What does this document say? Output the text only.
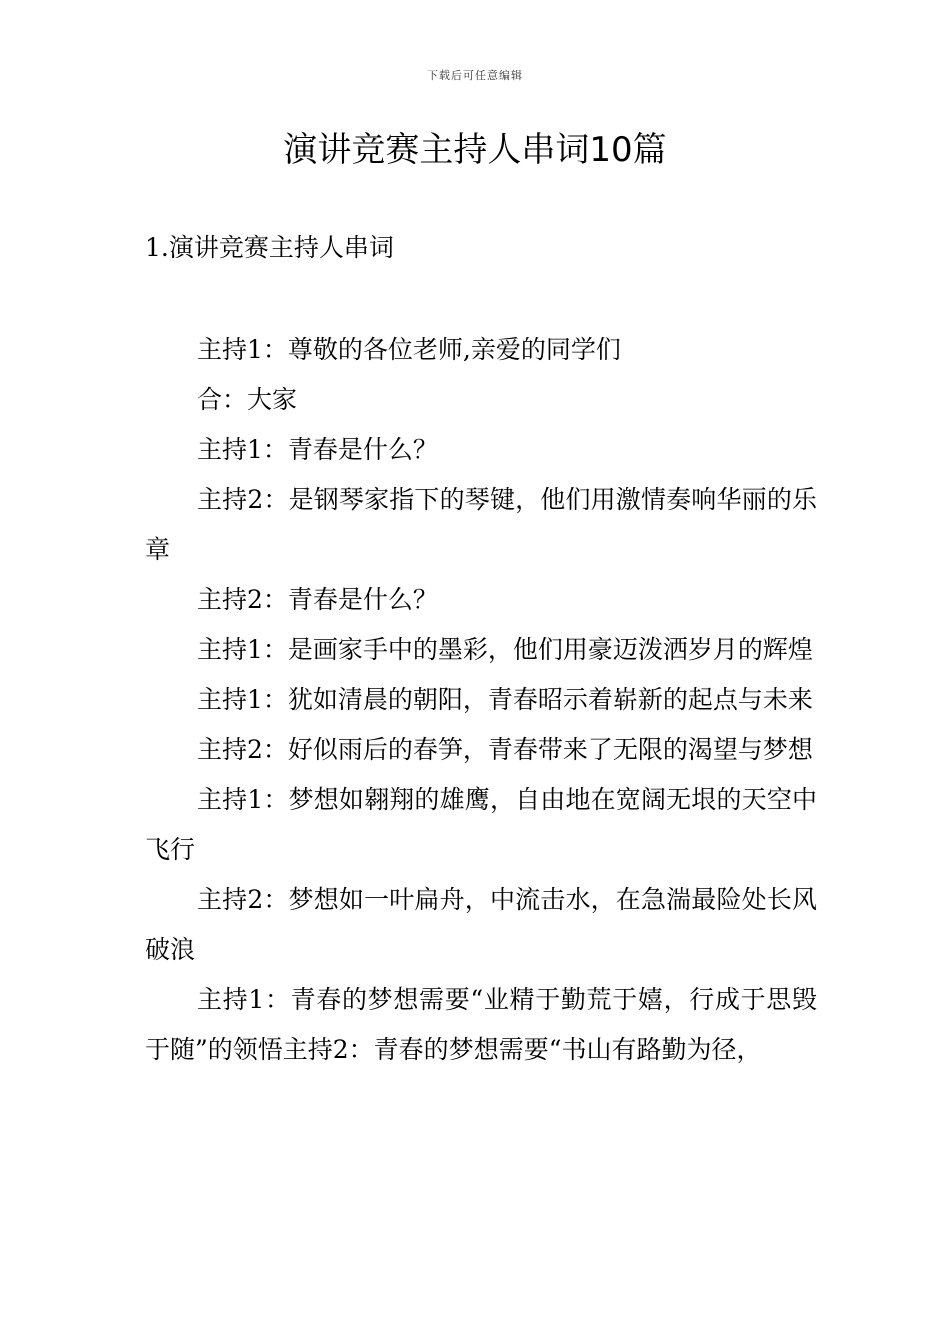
下载后可任意编辑
演讲竞赛主持人串词10篇
1.演讲竞赛主持人串词

主持1：尊敬的各位老师,亲爱的同学们

合：大家

主持1：青春是什么？

主持2：是钢琴家指下的琴键，他们用激情奏响华丽的乐章

主持2：青春是什么？

主持1：是画家手中的墨彩，他们用豪迈泼洒岁月的辉煌

主持1：犹如清晨的朝阳，青春昭示着崭新的起点与未来

主持2：好似雨后的春笋，青春带来了无限的渴望与梦想

主持1：梦想如翱翔的雄鹰，自由地在宽阔无垠的天空中飞行

主持2：梦想如一叶扁舟，中流击水，在急湍最险处长风破浪

主持1：青春的梦想需要“业精于勤荒于嬉，行成于思毁于随”的领悟主持2：青春的梦想需要“书山有路勤为径，
